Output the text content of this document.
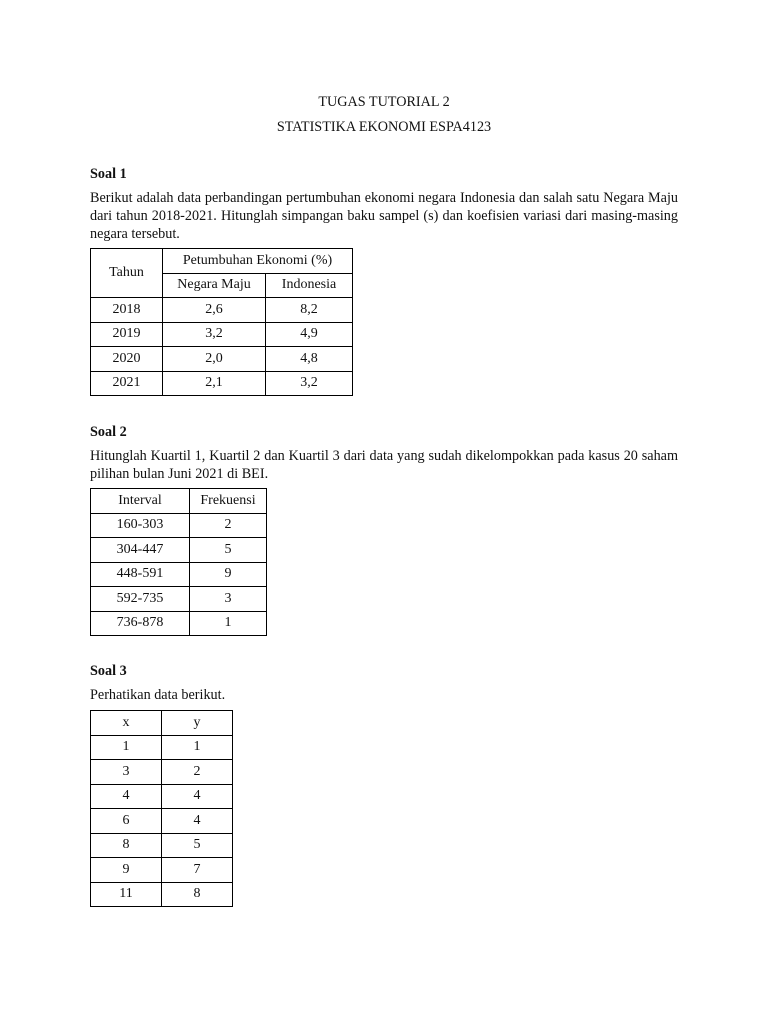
TUGAS TUTORIAL 2
STATISTIKA EKONOMI ESPA4123
Soal 1
Berikut adalah data perbandingan pertumbuhan ekonomi negara Indonesia dan salah satu Negara Maju dari tahun 2018-2021. Hitunglah simpangan baku sampel (s) dan koefisien variasi dari masing-masing negara tersebut.
Tahun	Petumbuhan Ekonomi (%)	
	Negara Maju	Indonesia
2018	2,6	8,2
2019	3,2	4,9
2020	2,0	4,8
2021	2,1	3,2
Soal 2
Hitunglah Kuartil 1, Kuartil 2 dan Kuartil 3 dari data yang sudah dikelompokkan pada kasus 20 saham pilihan bulan Juni 2021 di BEI.
Interval	Frekuensi
160-303	2
304-447	5
448-591	9
592-735	3
736-878	1
Soal 3
Perhatikan data berikut.
x	y
1	1
3	2
4	4
6	4
8	5
9	7
11	8
